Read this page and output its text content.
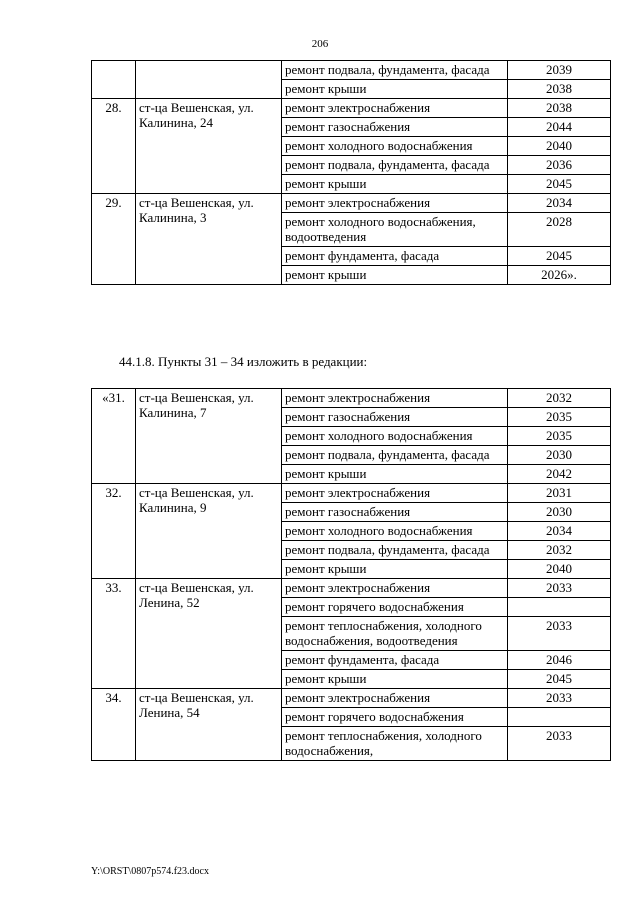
206
		ремонт подвала, фундамента, фасада	2039
		ремонт крыши	2038
28.	ст-ца Вешенская, ул. Калинина, 24	ремонт электроснабжения	2038
		ремонт газоснабжения	2044
		ремонт холодного водоснабжения	2040
		ремонт подвала, фундамента, фасада	2036
		ремонт крыши	2045
29.	ст-ца Вешенская, ул. Калинина, 3	ремонт электроснабжения	2034
		ремонт холодного водоснабжения, водоотведения	2028
		ремонт фундамента, фасада	2045
		ремонт крыши	2026».
44.1.8. Пункты 31 – 34 изложить в редакции:
«31.	ст-ца Вешенская, ул. Калинина, 7	ремонт электроснабжения	2032
		ремонт газоснабжения	2035
		ремонт холодного водоснабжения	2035
		ремонт подвала, фундамента, фасада	2030
		ремонт крыши	2042
32.	ст-ца Вешенская, ул. Калинина, 9	ремонт электроснабжения	2031
		ремонт газоснабжения	2030
		ремонт холодного водоснабжения	2034
		ремонт подвала, фундамента, фасада	2032
		ремонт крыши	2040
33.	ст-ца Вешенская, ул. Ленина, 52	ремонт электроснабжения	2033
		ремонт горячего водоснабжения	
		ремонт теплоснабжения, холодного водоснабжения, водоотведения	2033
		ремонт фундамента, фасада	2046
		ремонт крыши	2045
34.	ст-ца Вешенская, ул. Ленина, 54	ремонт электроснабжения	2033
		ремонт горячего водоснабжения	
		ремонт теплоснабжения, холодного водоснабжения,	2033
Y:\ORST\0807p574.f23.docx
